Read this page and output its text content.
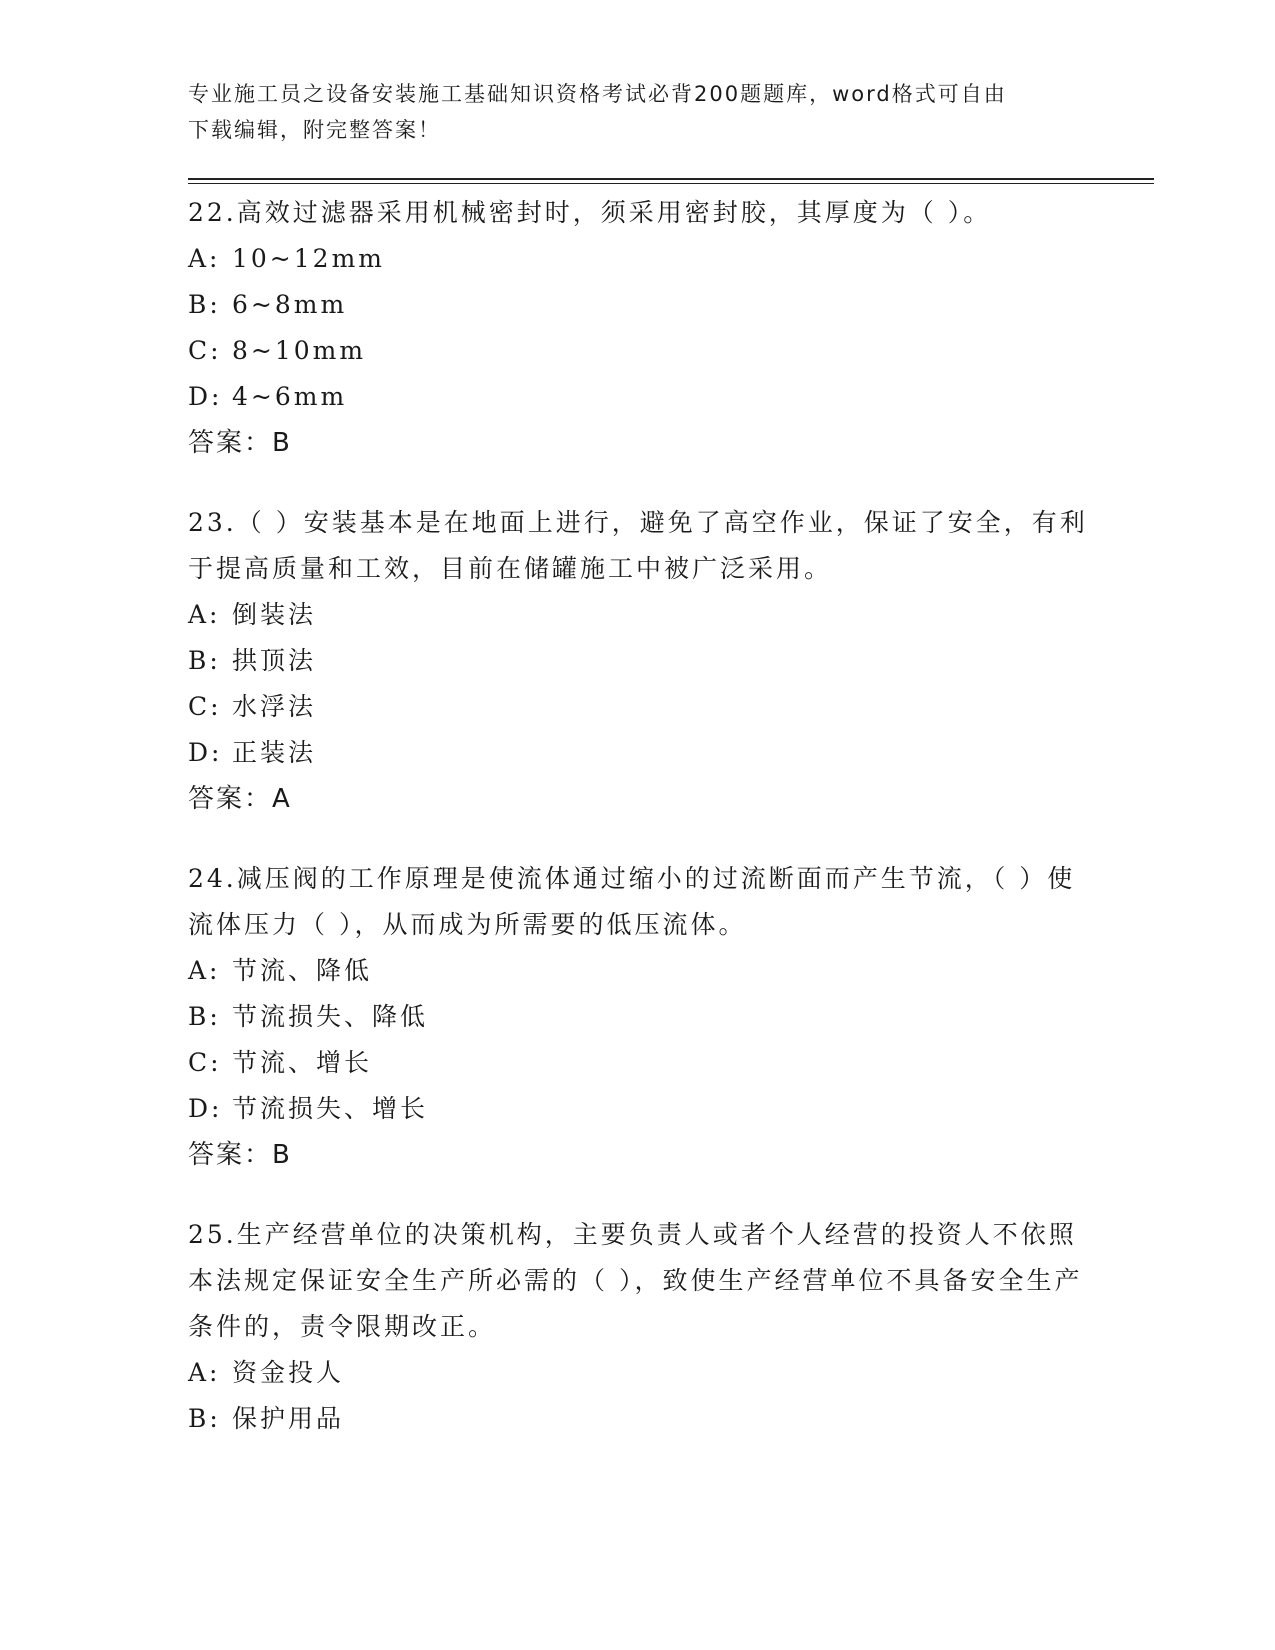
专业施工员之设备安装施工基础知识资格考试必背200题题库，word格式可自由
下载编辑，附完整答案！
22.高效过滤器采用机械密封时，须采用密封胶，其厚度为（ ）。
A: 10~12mm
B: 6~8mm
C: 8~10mm
D: 4~6mm
答案：B
23.（ ）安装基本是在地面上进行，避免了高空作业，保证了安全，有利于提高质量和工效，目前在储罐施工中被广泛采用。
A: 倒装法
B: 拱顶法
C: 水浮法
D: 正装法
答案：A
24.减压阀的工作原理是使流体通过缩小的过流断面而产生节流，（ ）使流体压力（ ），从而成为所需要的低压流体。
A: 节流、降低
B: 节流损失、降低
C: 节流、增长
D: 节流损失、增长
答案：B
25.生产经营单位的决策机构，主要负责人或者个人经营的投资人不依照本法规定保证安全生产所必需的（ ），致使生产经营单位不具备安全生产条件的，责令限期改正。
A: 资金投人
B: 保护用品
